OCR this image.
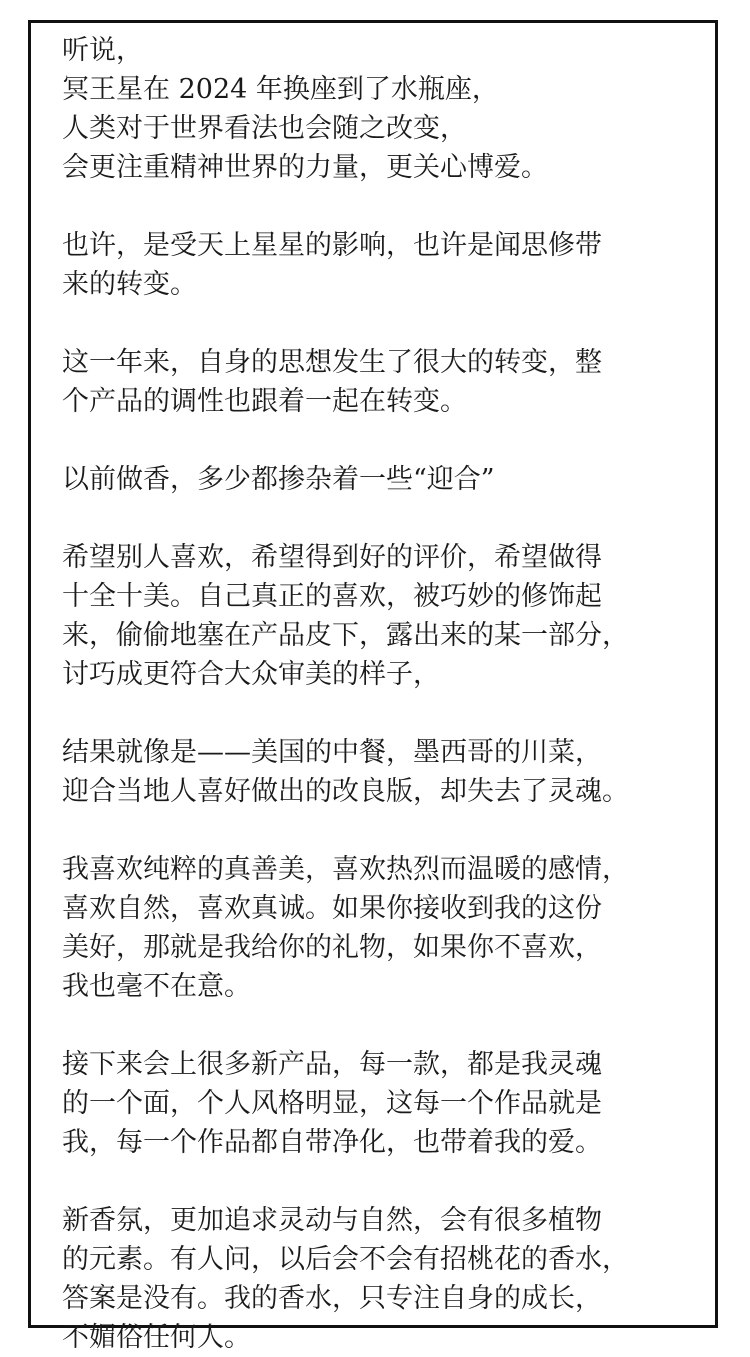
听说，
冥王星在 2024 年换座到了水瓶座，
人类对于世界看法也会随之改变，
会更注重精神世界的力量，更关心博爱。
也许，是受天上星星的影响，也许是闻思修带
来的转变。
这一年来，自身的思想发生了很大的转变，整
个产品的调性也跟着一起在转变。
以前做香，多少都掺杂着一些“迎合”
希望别人喜欢，希望得到好的评价，希望做得
十全十美。自己真正的喜欢，被巧妙的修饰起
来，偷偷地塞在产品皮下，露出来的某一部分，
讨巧成更符合大众审美的样子，
结果就像是——美国的中餐，墨西哥的川菜，
迎合当地人喜好做出的改良版，却失去了灵魂。
我喜欢纯粹的真善美，喜欢热烈而温暖的感情，
喜欢自然，喜欢真诚。如果你接收到我的这份
美好，那就是我给你的礼物，如果你不喜欢，
我也毫不在意。
接下来会上很多新产品，每一款，都是我灵魂
的一个面，个人风格明显，这每一个作品就是
我，每一个作品都自带净化，也带着我的爱。
新香氛，更加追求灵动与自然，会有很多植物
的元素。有人问，以后会不会有招桃花的香水，
答案是没有。我的香水，只专注自身的成长，
不媚俗任何人。
